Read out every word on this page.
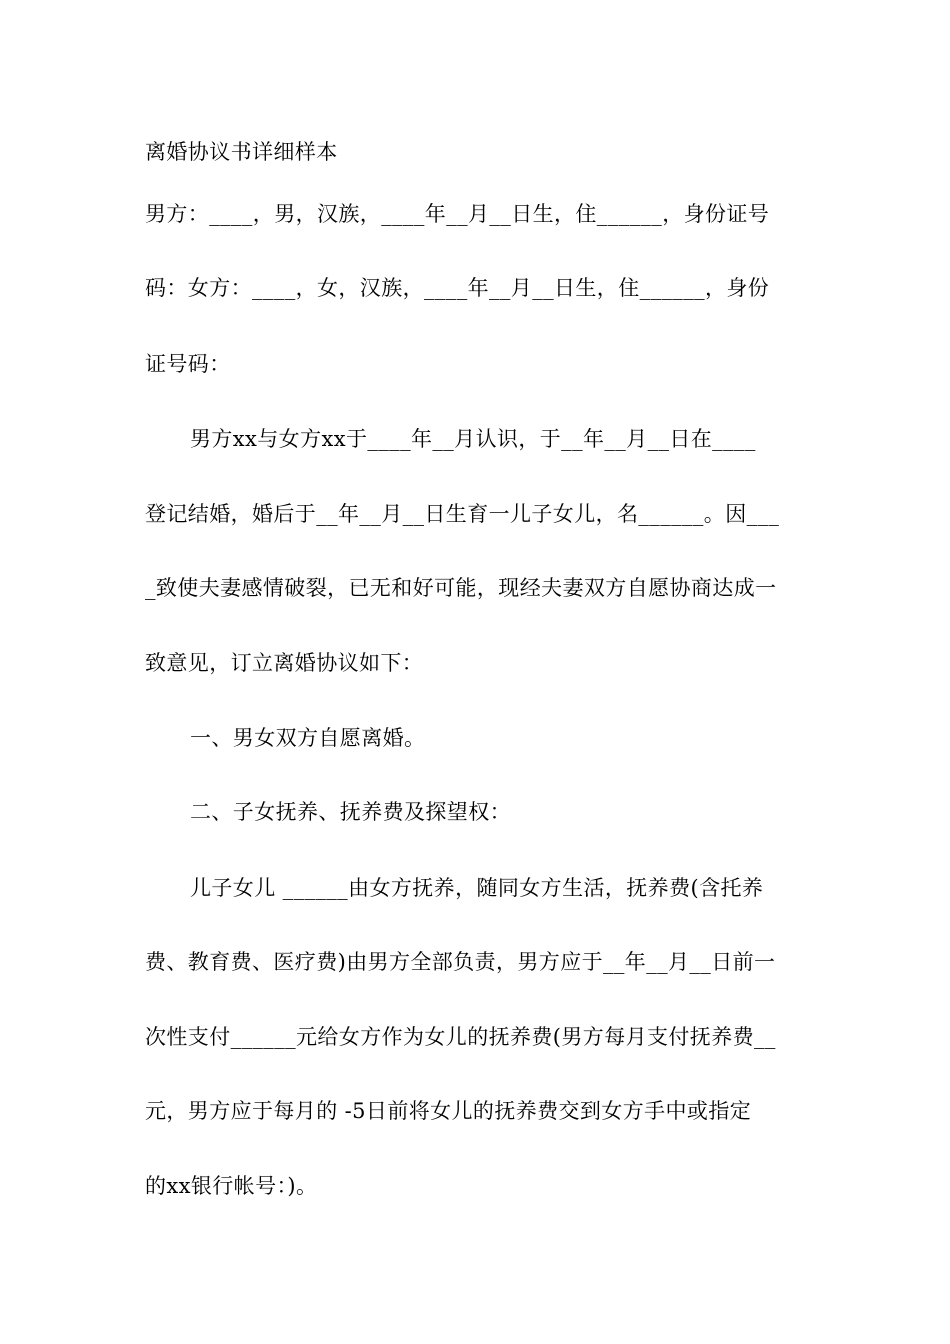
离婚协议书详细样本
男方：____，男，汉族，____年__月__日生，住______，身份证号
码：女方：____，女，汉族，____年__月__日生，住______，身份
证号码：
男方xx与女方xx于____年__月认识，于__年__月__日在____
登记结婚，婚后于__年__月__日生育一儿子女儿，名______。因___
_致使夫妻感情破裂，已无和好可能，现经夫妻双方自愿协商达成一
致意见，订立离婚协议如下：
一、男女双方自愿离婚。
二、子女抚养、抚养费及探望权：
儿子女儿 ______由女方抚养，随同女方生活，抚养费(含托养
费、教育费、医疗费)由男方全部负责，男方应于__年__月__日前一
次性支付______元给女方作为女儿的抚养费(男方每月支付抚养费__
元，男方应于每月的 -5日前将女儿的抚养费交到女方手中或指定
的xx银行帐号：)。
